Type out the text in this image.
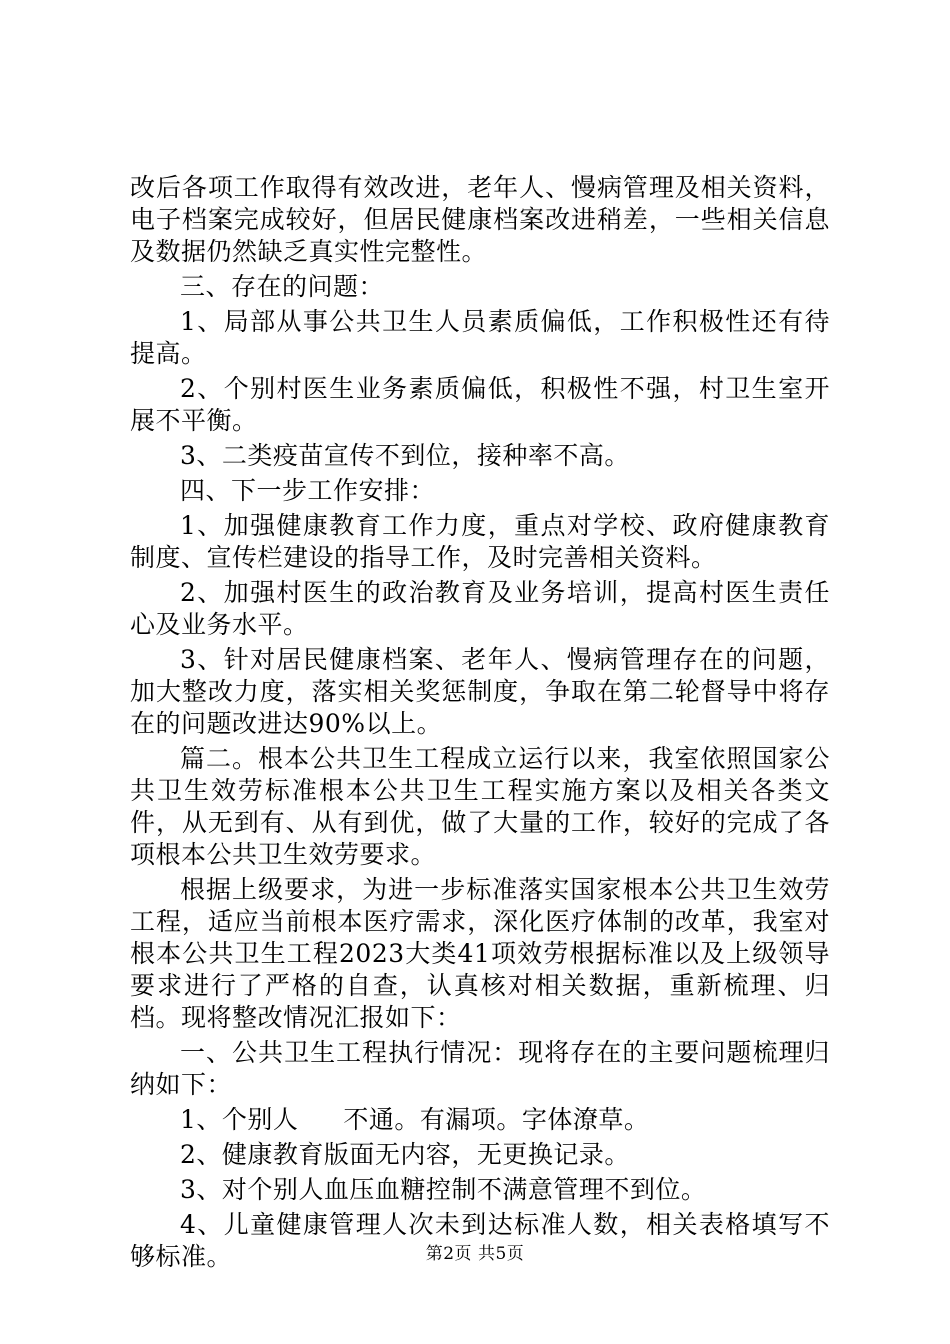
改后各项工作取得有效改进，老年人、慢病管理及相关资料，电子档案完成较好，但居民健康档案改进稍差，一些相关信息及数据仍然缺乏真实性完整性。

三、存在的问题：

1、局部从事公共卫生人员素质偏低，工作积极性还有待提高。

2、个别村医生业务素质偏低，积极性不强，村卫生室开展不平衡。

3、二类疫苗宣传不到位，接种率不高。

四、下一步工作安排：

1、加强健康教育工作力度，重点对学校、政府健康教育制度、宣传栏建设的指导工作，及时完善相关资料。

2、加强村医生的政治教育及业务培训，提高村医生责任心及业务水平。

3、针对居民健康档案、老年人、慢病管理存在的问题，加大整改力度，落实相关奖惩制度，争取在第二轮督导中将存在的问题改进达90%以上。

篇二。根本公共卫生工程成立运行以来，我室依照国家公共卫生效劳标准根本公共卫生工程实施方案以及相关各类文件，从无到有、从有到优，做了大量的工作，较好的完成了各项根本公共卫生效劳要求。

根据上级要求，为进一步标准落实国家根本公共卫生效劳工程，适应当前根本医疗需求，深化医疗体制的改革，我室对根本公共卫生工程2023大类41项效劳根据标准以及上级领导要求进行了严格的自查，认真核对相关数据，重新梳理、归档。现将整改情况汇报如下：

一、公共卫生工程执行情况：现将存在的主要问题梳理归纳如下：

1、个别人 不通。有漏项。字体潦草。

2、健康教育版面无内容，无更换记录。

3、对个别人血压血糖控制不满意管理不到位。

4、儿童健康管理人次未到达标准人数，相关表格填写不够标准。	第2页 共5页
